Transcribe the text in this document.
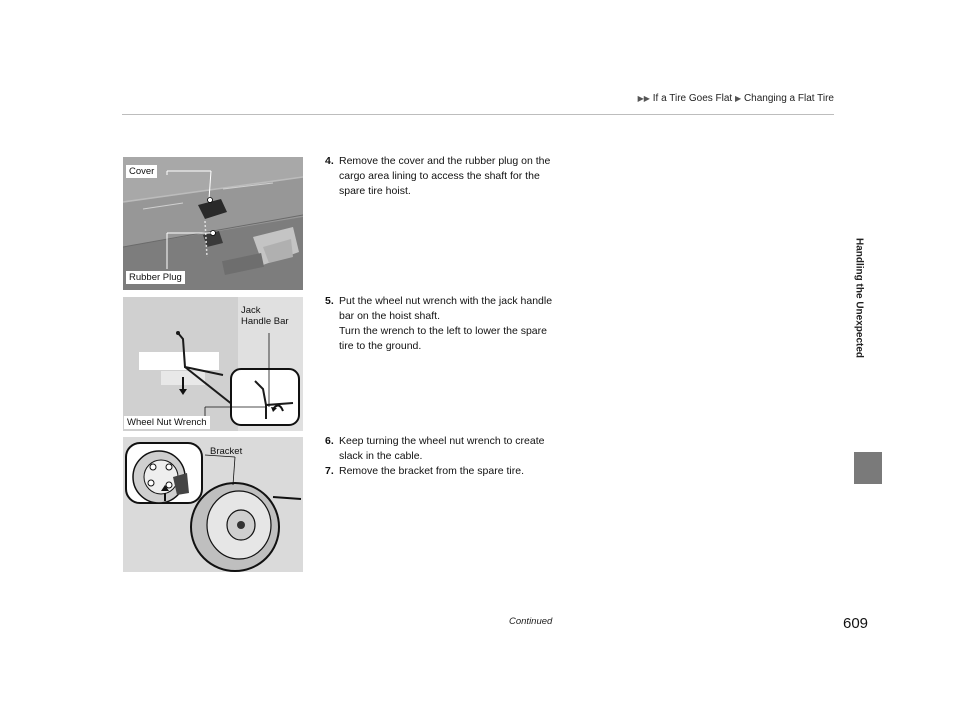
▶▶ If a Tire Goes Flat ▶ Changing a Flat Tire
Handling the Unexpected
Cover
Rubber Plug
Jack
Handle Bar
Wheel Nut Wrench
Bracket
4. Remove the cover and the rubber plug on the cargo area lining to access the shaft for the spare tire hoist.
5. Put the wheel nut wrench with the jack handle bar on the hoist shaft.
Turn the wrench to the left to lower the spare tire to the ground.
6. Keep turning the wheel nut wrench to create slack in the cable.
7. Remove the bracket from the spare tire.
Continued	609
